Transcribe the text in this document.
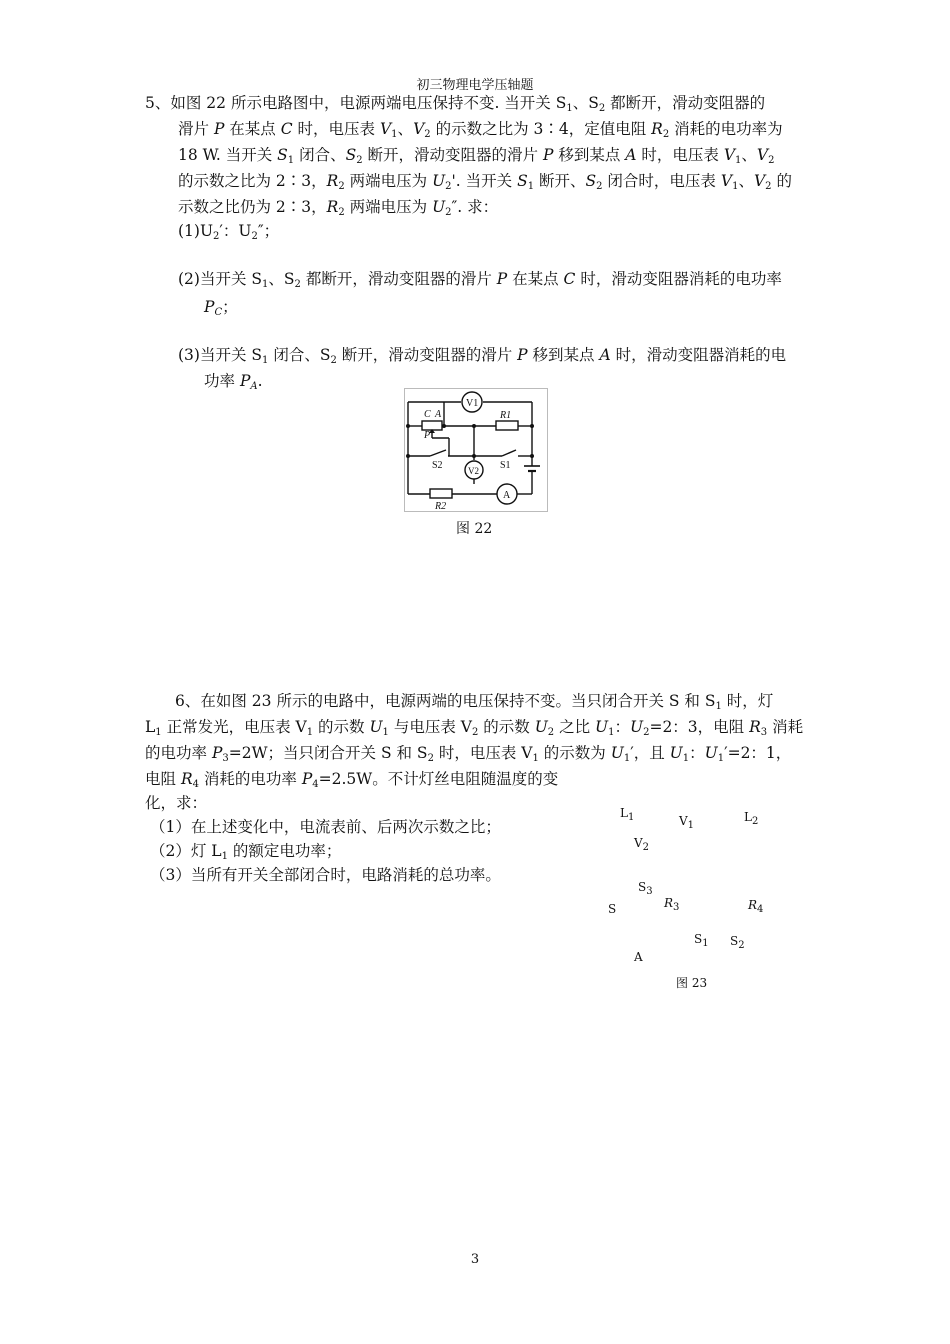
初三物理电学压轴题
5、如图 22 所示电路图中，电源两端电压保持不变. 当开关 $S_1$、$S_2$ 都断开，滑动变阻器的
滑片 P 在某点 C 时，电压表 $V_1$、$V_2$ 的示数之比为 3∶4，定值电阻 $R_2$ 消耗的电功率为
18 W. 当开关 $S_1$ 闭合、$S_2$ 断开，滑动变阻器的滑片 P 移到某点 A 时，电压表 $V_1$、$V_2$
的示数之比为 2∶3，$R_2$ 两端电压为 $U_2'$. 当开关 $S_1$ 断开、$S_2$ 闭合时，电压表 $V_1$、$V_2$ 的
示数之比仍为 2∶3，$R_2$ 两端电压为 $U_2''$. 求：
$(1)U_2'$：$U_2''$；
(2)当开关 $S_1$、$S_2$ 都断开，滑动变阻器的滑片 P 在某点 C 时，滑动变阻器消耗的电功率
$P_C$；
(3)当开关 $S_1$ 闭合、$S_2$ 断开，滑动变阻器的滑片 P 移到某点 A 时，滑动变阻器消耗的电
功率 $P_A$.
V1
C A
P
R1
S2	V2 S1
A
R2
图 22
6、在如图 23 所示的电路中，电源两端的电压保持不变。当只闭合开关 S 和 $S_1$ 时，灯
$L_1$ 正常发光，电压表 $V_1$ 的示数 $U_1$ 与电压表 $V_2$ 的示数 $U_2$ 之比 $U_1$：$U_2=2$：3，电阻 $R_3$ 消耗
的电功率 $P_3=2W$；当只闭合开关 S 和 $S_2$ 时，电压表 $V_1$ 的示数为 $U_1'$，且 $U_1$：$U_1'=2$：1，
电阻 $R_4$ 消耗的电功率 $P_4=2.5W$。不计灯丝电阻随温度的变
化，求：
（1）在上述变化中，电流表前、后两次示数之比；
（2）灯 $L_1$ 的额定电功率；
（3）当所有开关全部闭合时，电路消耗的总功率。
$L_1$	$V_1$
$L_2$
$V_2$
$S_3$
S	$R_3$	$R_4$
$S_1$ $S_2$
A
图 23
3
